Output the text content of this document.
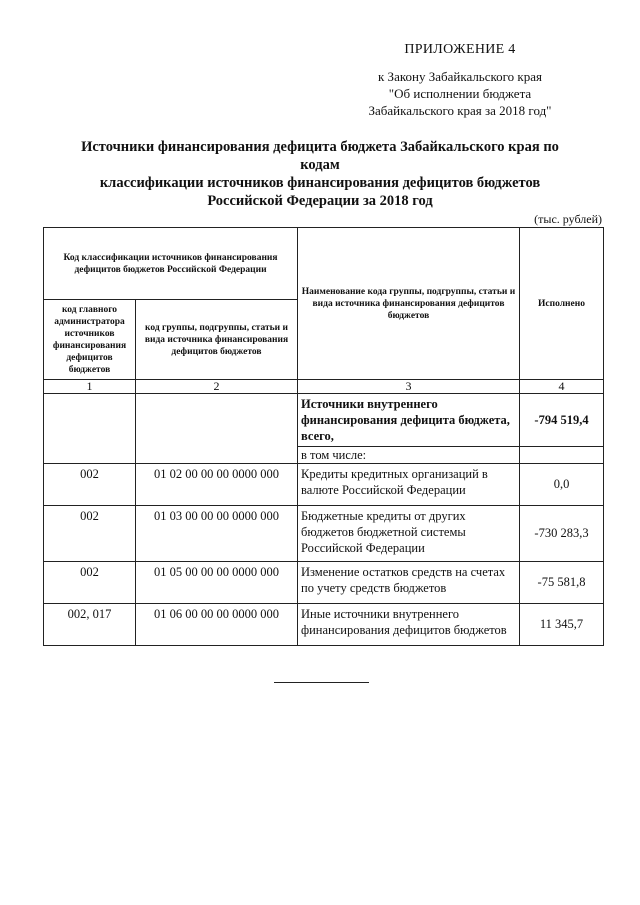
ПРИЛОЖЕНИЕ 4
к Закону Забайкальского края
"Об исполнении бюджета
Забайкальского края за 2018 год"
Источники финансирования дефицита бюджета Забайкальского края по кодам
классификации источников финансирования дефицитов бюджетов
Российской Федерации за 2018 год
(тыс. рублей)
Код классификации источников финансирования дефицитов бюджетов Российской Федерации		Наименование кода группы, подгруппы, статьи и вида источника финансирования дефицитов бюджетов	Исполнено
код главного администратора источников финансирования дефицитов бюджетов	код группы, подгруппы, статьи и вида источника финансирования дефицитов бюджетов		
1	2	3	4
		Источники внутреннего финансирования дефицита бюджета, всего,	-794 519,4
		в том числе:	
002	01 02 00 00 00 0000 000	Кредиты кредитных организаций в валюте Российской Федерации	0,0
002	01 03 00 00 00 0000 000	Бюджетные кредиты от других бюджетов бюджетной системы Российской Федерации	-730 283,3
002	01 05 00 00 00 0000 000	Изменение остатков средств на счетах по учету средств бюджетов	-75 581,8
002, 017	01 06 00 00 00 0000 000	Иные источники внутреннего финансирования дефицитов бюджетов	11 345,7
